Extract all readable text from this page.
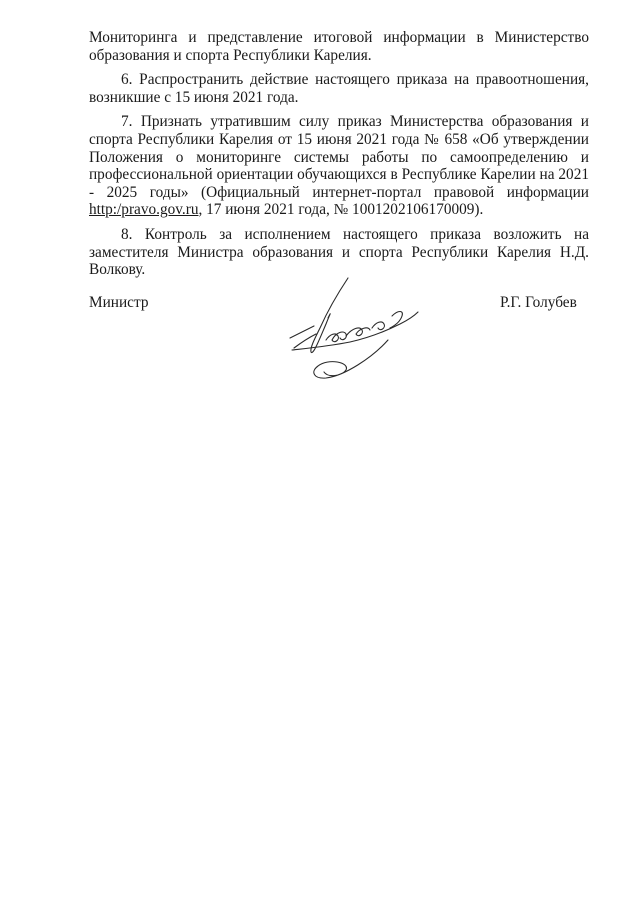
Мониторинга и представление итоговой информации в Министерство образования и спорта Республики Карелия.

6. Распространить действие настоящего приказа на правоотношения, возникшие с 15 июня 2021 года.

7. Признать утратившим силу приказ Министерства образования и спорта Республики Карелия от 15 июня 2021 года № 658 «Об утверждении Положения о мониторинге системы работы по самоопределению и профессиональной ориентации обучающихся в Республике Карелии на 2021 - 2025 годы» (Официальный интернет-портал правовой информации http:/pravo.gov.ru, 17 июня 2021 года, № 1001202106170009).

8. Контроль за исполнением настоящего приказа возложить на заместителя Министра образования и спорта Республики Карелия Н.Д. Волкову.

Министр	Р.Г. Голубев
